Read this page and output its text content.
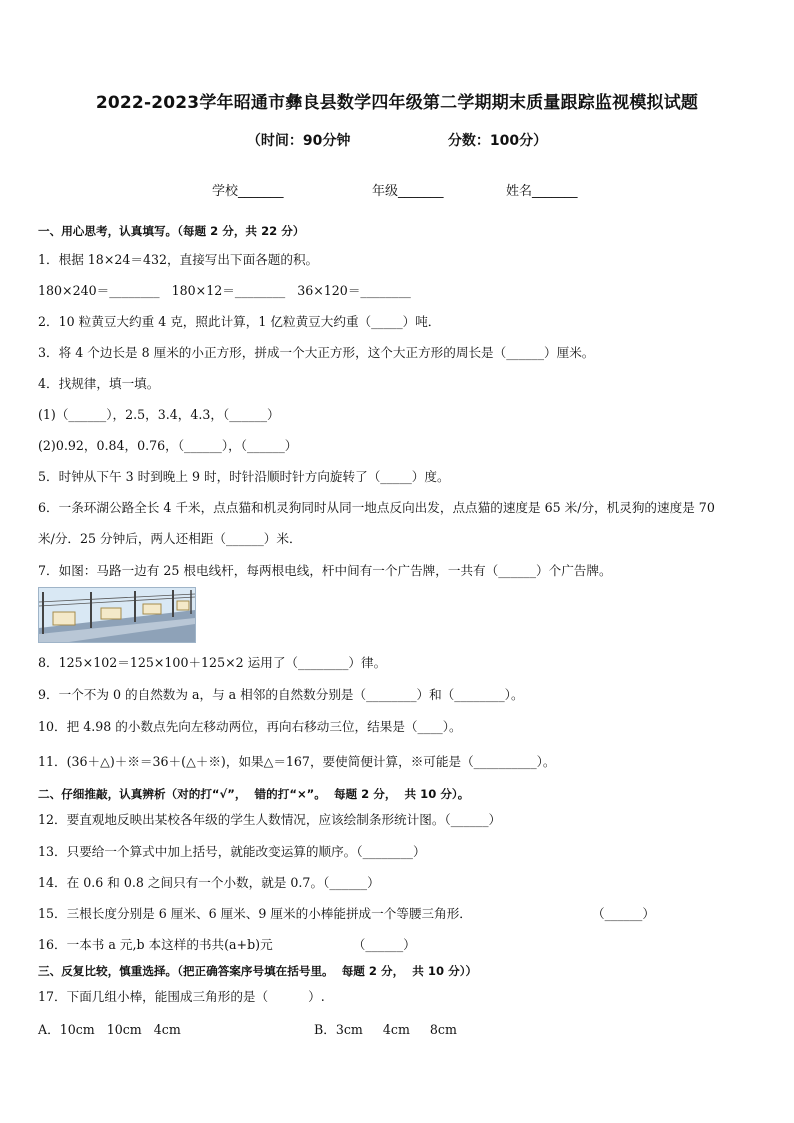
2022-2023学年昭通市彝良县数学四年级第二学期期末质量跟踪监视模拟试题
（时间：90分钟                    分数：100分）
学校_______	年级_______	姓名_______
一、用心思考，认真填写。（每题 2 分，共 22 分）
1．根据 18×24＝432，直接写出下面各题的积。
180×240＝________   180×12＝________   36×120＝________
2．10 粒黄豆大约重 4 克，照此计算，1 亿粒黄豆大约重（_____）吨．
3．将 4 个边长是 8 厘米的小正方形，拼成一个大正方形，这个大正方形的周长是（______）厘米。
4．找规律，填一填。
(1)（______），2.5，3.4，4.3，（______）
(2)0.92，0.84，0.76，（______），（______）
5．时钟从下午 3 时到晚上 9 时，时针沿顺时针方向旋转了（_____）度。
6．一条环湖公路全长 4 千米，点点猫和机灵狗同时从同一地点反向出发，点点猫的速度是 65 米/分，机灵狗的速度是 70
米/分．25 分钟后，两人还相距（______）米．
7．如图：马路一边有 25 根电线杆，每两根电线，杆中间有一个广告牌，一共有（______）个广告牌。
8．125×102＝125×100＋125×2 运用了（________）律。
9．一个不为 0 的自然数为 a，与 a 相邻的自然数分别是（________）和（________）。
10．把 4.98 的小数点先向左移动两位，再向右移动三位，结果是（____）。
11．(36＋△)＋※＝36＋(△＋※)，如果△＝167，要使简便计算，※可能是（__________）。
二、仔细推敲，认真辨析（对的打“√”，  错的打“×”。  每题 2 分，  共 10 分）。
12．要直观地反映出某校各年级的学生人数情况，应该绘制条形统计图。（______）
13．只要给一个算式中加上括号，就能改变运算的顺序。（________）
14．在 0.6 和 0.8 之间只有一个小数，就是 0.7。（______）
15．三根长度分别是 6 厘米、6 厘米、9 厘米的小棒能拼成一个等腰三角形．                              （______）
16．一本书 a 元,b 本这样的书共(a+b)元                    （______）
三、反复比较，慎重选择。（把正确答案序号填在括号里。  每题 2 分，  共 10 分））
17．下面几组小棒，能围成三角形的是（          ）.
A．10cm   10cm   4cm	B．3cm     4cm     8cm
